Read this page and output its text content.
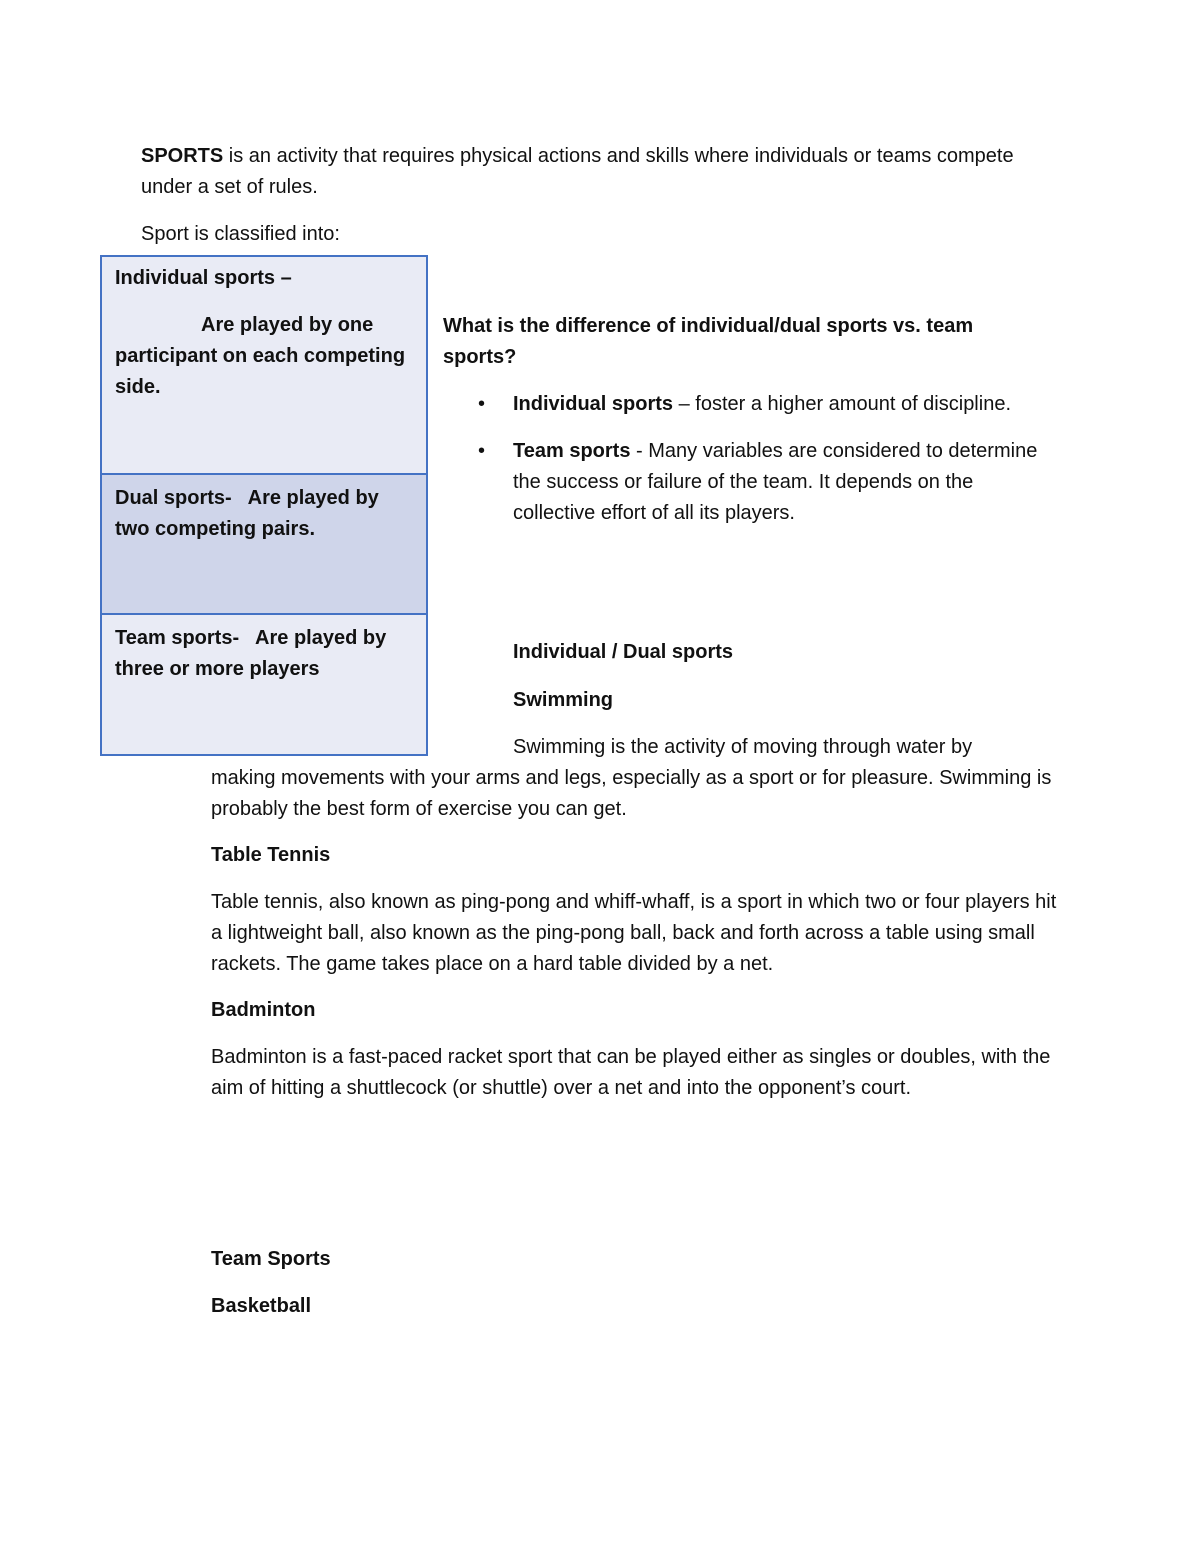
SPORTS is an activity that requires physical actions and skills where individuals or teams compete under a set of rules.
Sport is classified into:
Individual sports –
Are played by one participant on each competing side.
Dual sports- Are played by two competing pairs.
Team sports- Are played by three or more players
What is the difference of individual/dual sports vs. team sports?
• Individual sports – foster a higher amount of discipline.
• Team sports - Many variables are considered to determine the success or failure of the team. It depends on the collective effort of all its players.
Individual / Dual sports
Swimming
Swimming is the activity of moving through water by
making movements with your arms and legs, especially as a sport or for pleasure. Swimming is probably the best form of exercise you can get.
Table Tennis
Table tennis, also known as ping-pong and whiff-whaff, is a sport in which two or four players hit a lightweight ball, also known as the ping-pong ball, back and forth across a table using small rackets. The game takes place on a hard table divided by a net.
Badminton
Badminton is a fast-paced racket sport that can be played either as singles or doubles, with the aim of hitting a shuttlecock (or shuttle) over a net and into the opponent’s court.
Team Sports
Basketball
